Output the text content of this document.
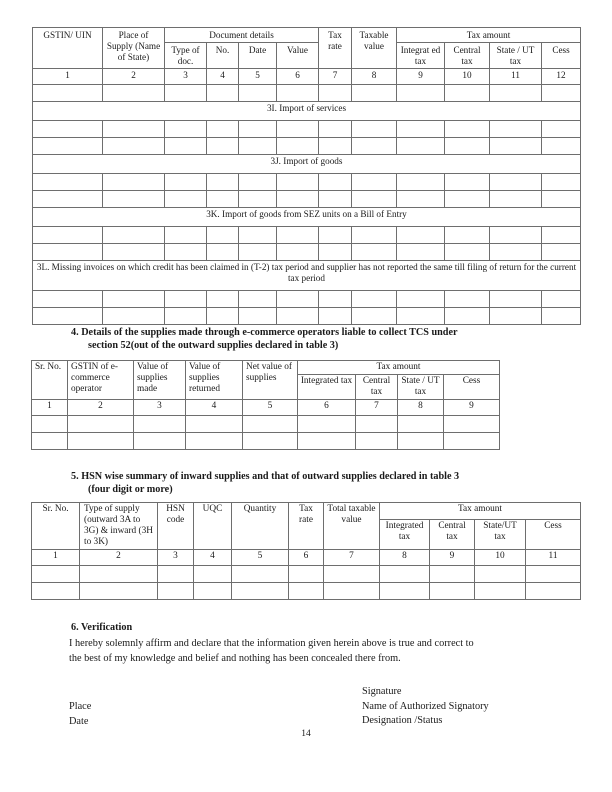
GSTIN/ UIN	Place of Supply (Name of State)	Document details				Tax rate	Taxable value	Tax amount			
		Type of doc.	No.	Date	Value			Integrat ed tax	Central tax	State / UT tax	Cess
1	2	3	4	5	6	7	8	9	10	11	12

3I. Import of services											

3J. Import of goods											

3K. Import of goods from SEZ units on a Bill of Entry											

3L. Missing invoices on which credit has been claimed in (T-2) tax period and supplier has not reported the same till filing of return for the current tax period											

4. Details of the supplies made through e-commerce operators liable to collect TCS under
section 52(out of the outward supplies declared in table 3)
Sr. No.	GSTIN of e-commerce operator	Value of supplies made	Value of supplies returned	Net value of supplies	Tax amount			
					Integrated tax	Central tax	State / UT tax	Cess
1	2	3	4	5	6	7	8	9

5. HSN wise summary of inward supplies and that of outward supplies declared in table 3
(four digit or more)
Sr. No.	Type of supply (outward 3A to 3G) & inward (3H to 3K)	HSN code	UQC	Quantity	Tax rate	Total taxable value	Tax amount			
							Integrated tax	Central tax	State/UT tax	Cess
1	2	3	4	5	6	7	8	9	10	11

6. Verification
I hereby solemnly affirm and declare that the information given herein above is true and correct to
the best of my knowledge and belief and nothing has been concealed there from.
Signature
Name of Authorized Signatory
Designation /Status
Place
Date
14
